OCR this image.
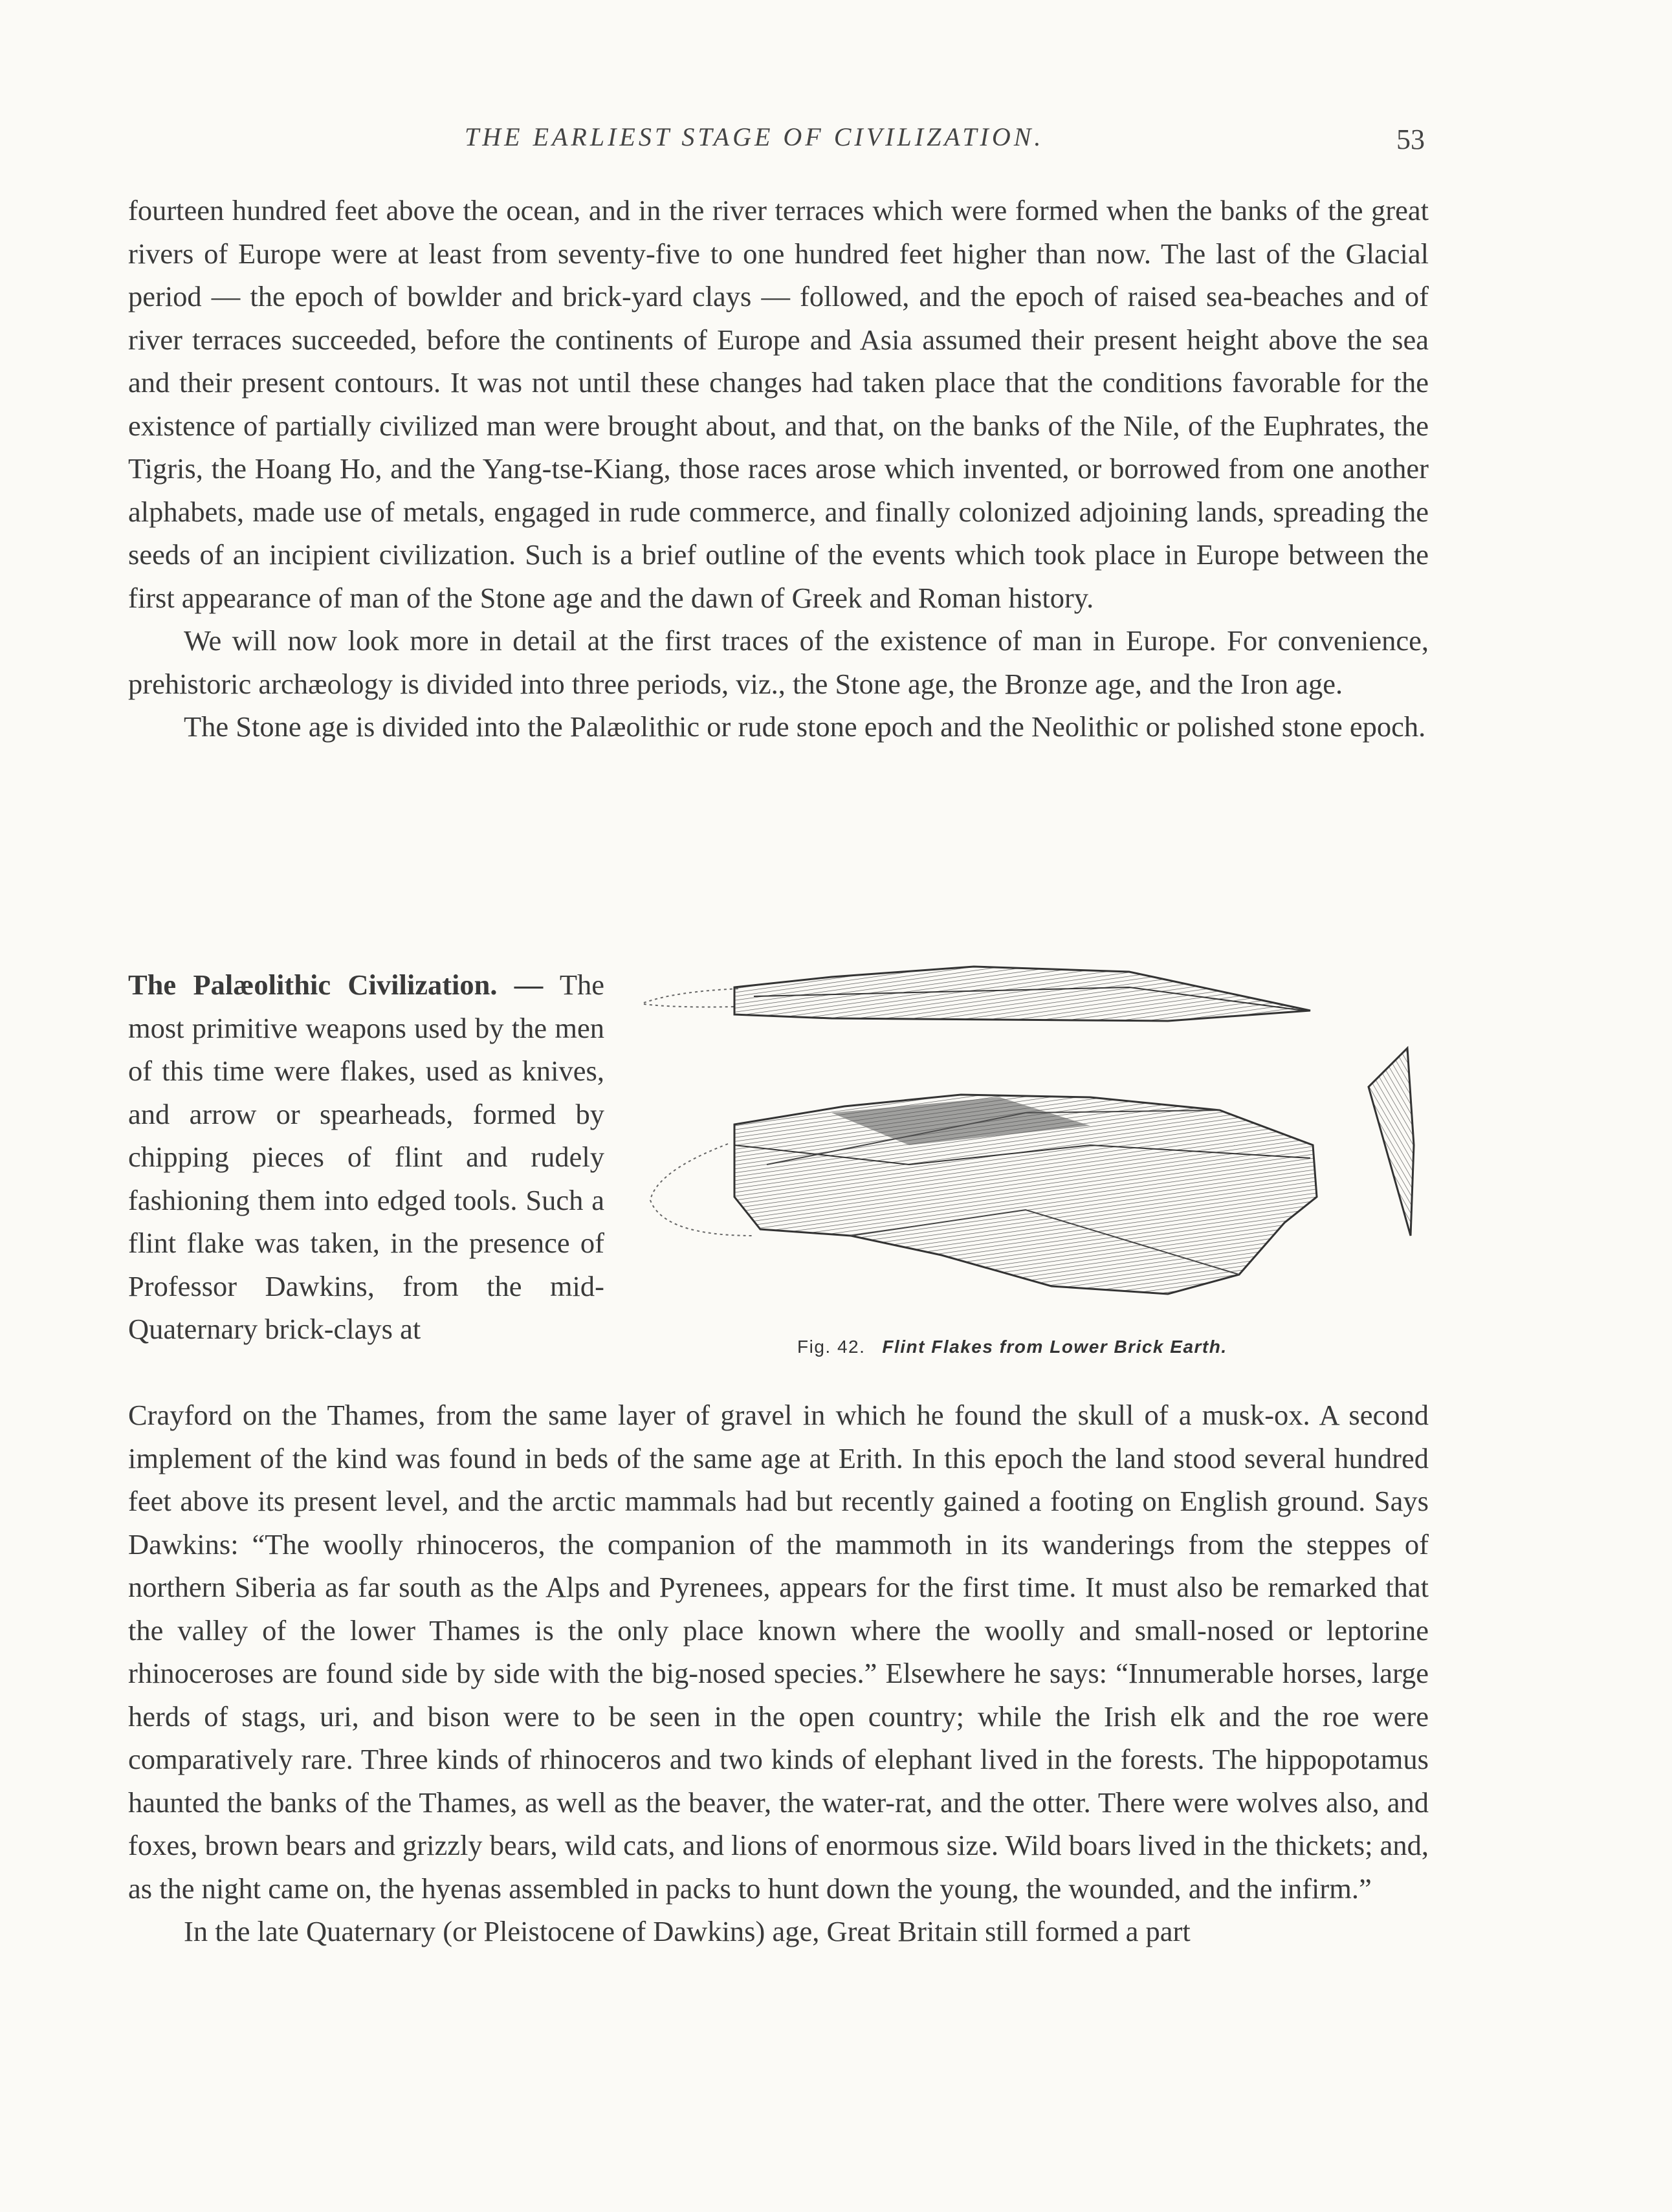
THE EARLIEST STAGE OF CIVILIZATION.	53

fourteen hundred feet above the ocean, and in the river terraces which were formed when the banks of the great rivers of Europe were at least from seventy-five to one hundred feet higher than now. The last of the Glacial period — the epoch of bowlder and brick-yard clays — followed, and the epoch of raised sea-beaches and of river terraces succeeded, before the continents of Europe and Asia assumed their present height above the sea and their present contours. It was not until these changes had taken place that the conditions favorable for the existence of partially civilized man were brought about, and that, on the banks of the Nile, of the Euphrates, the Tigris, the Hoang Ho, and the Yang-tse-Kiang, those races arose which invented, or borrowed from one another alphabets, made use of metals, engaged in rude commerce, and finally colonized adjoining lands, spreading the seeds of an incipient civilization. Such is a brief outline of the events which took place in Europe between the first appearance of man of the Stone age and the dawn of Greek and Roman history.

We will now look more in detail at the first traces of the existence of man in Europe. For convenience, prehistoric archæology is divided into three periods, viz., the Stone age, the Bronze age, and the Iron age.

The Stone age is divided into the Palæolithic or rude stone epoch and the Neolithic or polished stone epoch.

The Palæolithic Civilization. — The most primitive weapons used by the men of this time were flakes, used as knives, and arrow or spearheads, formed by chipping pieces of flint and rudely fashioning them into edged tools. Such a flint flake was taken, in the presence of Professor Dawkins, from the mid-Quaternary brick-clays at

Fig. 42. Flint Flakes from Lower Brick Earth.

Crayford on the Thames, from the same layer of gravel in which he found the skull of a musk-ox. A second implement of the kind was found in beds of the same age at Erith. In this epoch the land stood several hundred feet above its present level, and the arctic mammals had but recently gained a footing on English ground. Says Dawkins: “The woolly rhinoceros, the companion of the mammoth in its wanderings from the steppes of northern Siberia as far south as the Alps and Pyrenees, appears for the first time. It must also be remarked that the valley of the lower Thames is the only place known where the woolly and small-nosed or leptorine rhinoceroses are found side by side with the big-nosed species.” Elsewhere he says: “Innumerable horses, large herds of stags, uri, and bison were to be seen in the open country; while the Irish elk and the roe were comparatively rare. Three kinds of rhinoceros and two kinds of elephant lived in the forests. The hippopotamus haunted the banks of the Thames, as well as the beaver, the water-rat, and the otter. There were wolves also, and foxes, brown bears and grizzly bears, wild cats, and lions of enormous size. Wild boars lived in the thickets; and, as the night came on, the hyenas assembled in packs to hunt down the young, the wounded, and the infirm.”

In the late Quaternary (or Pleistocene of Dawkins) age, Great Britain still formed a part
